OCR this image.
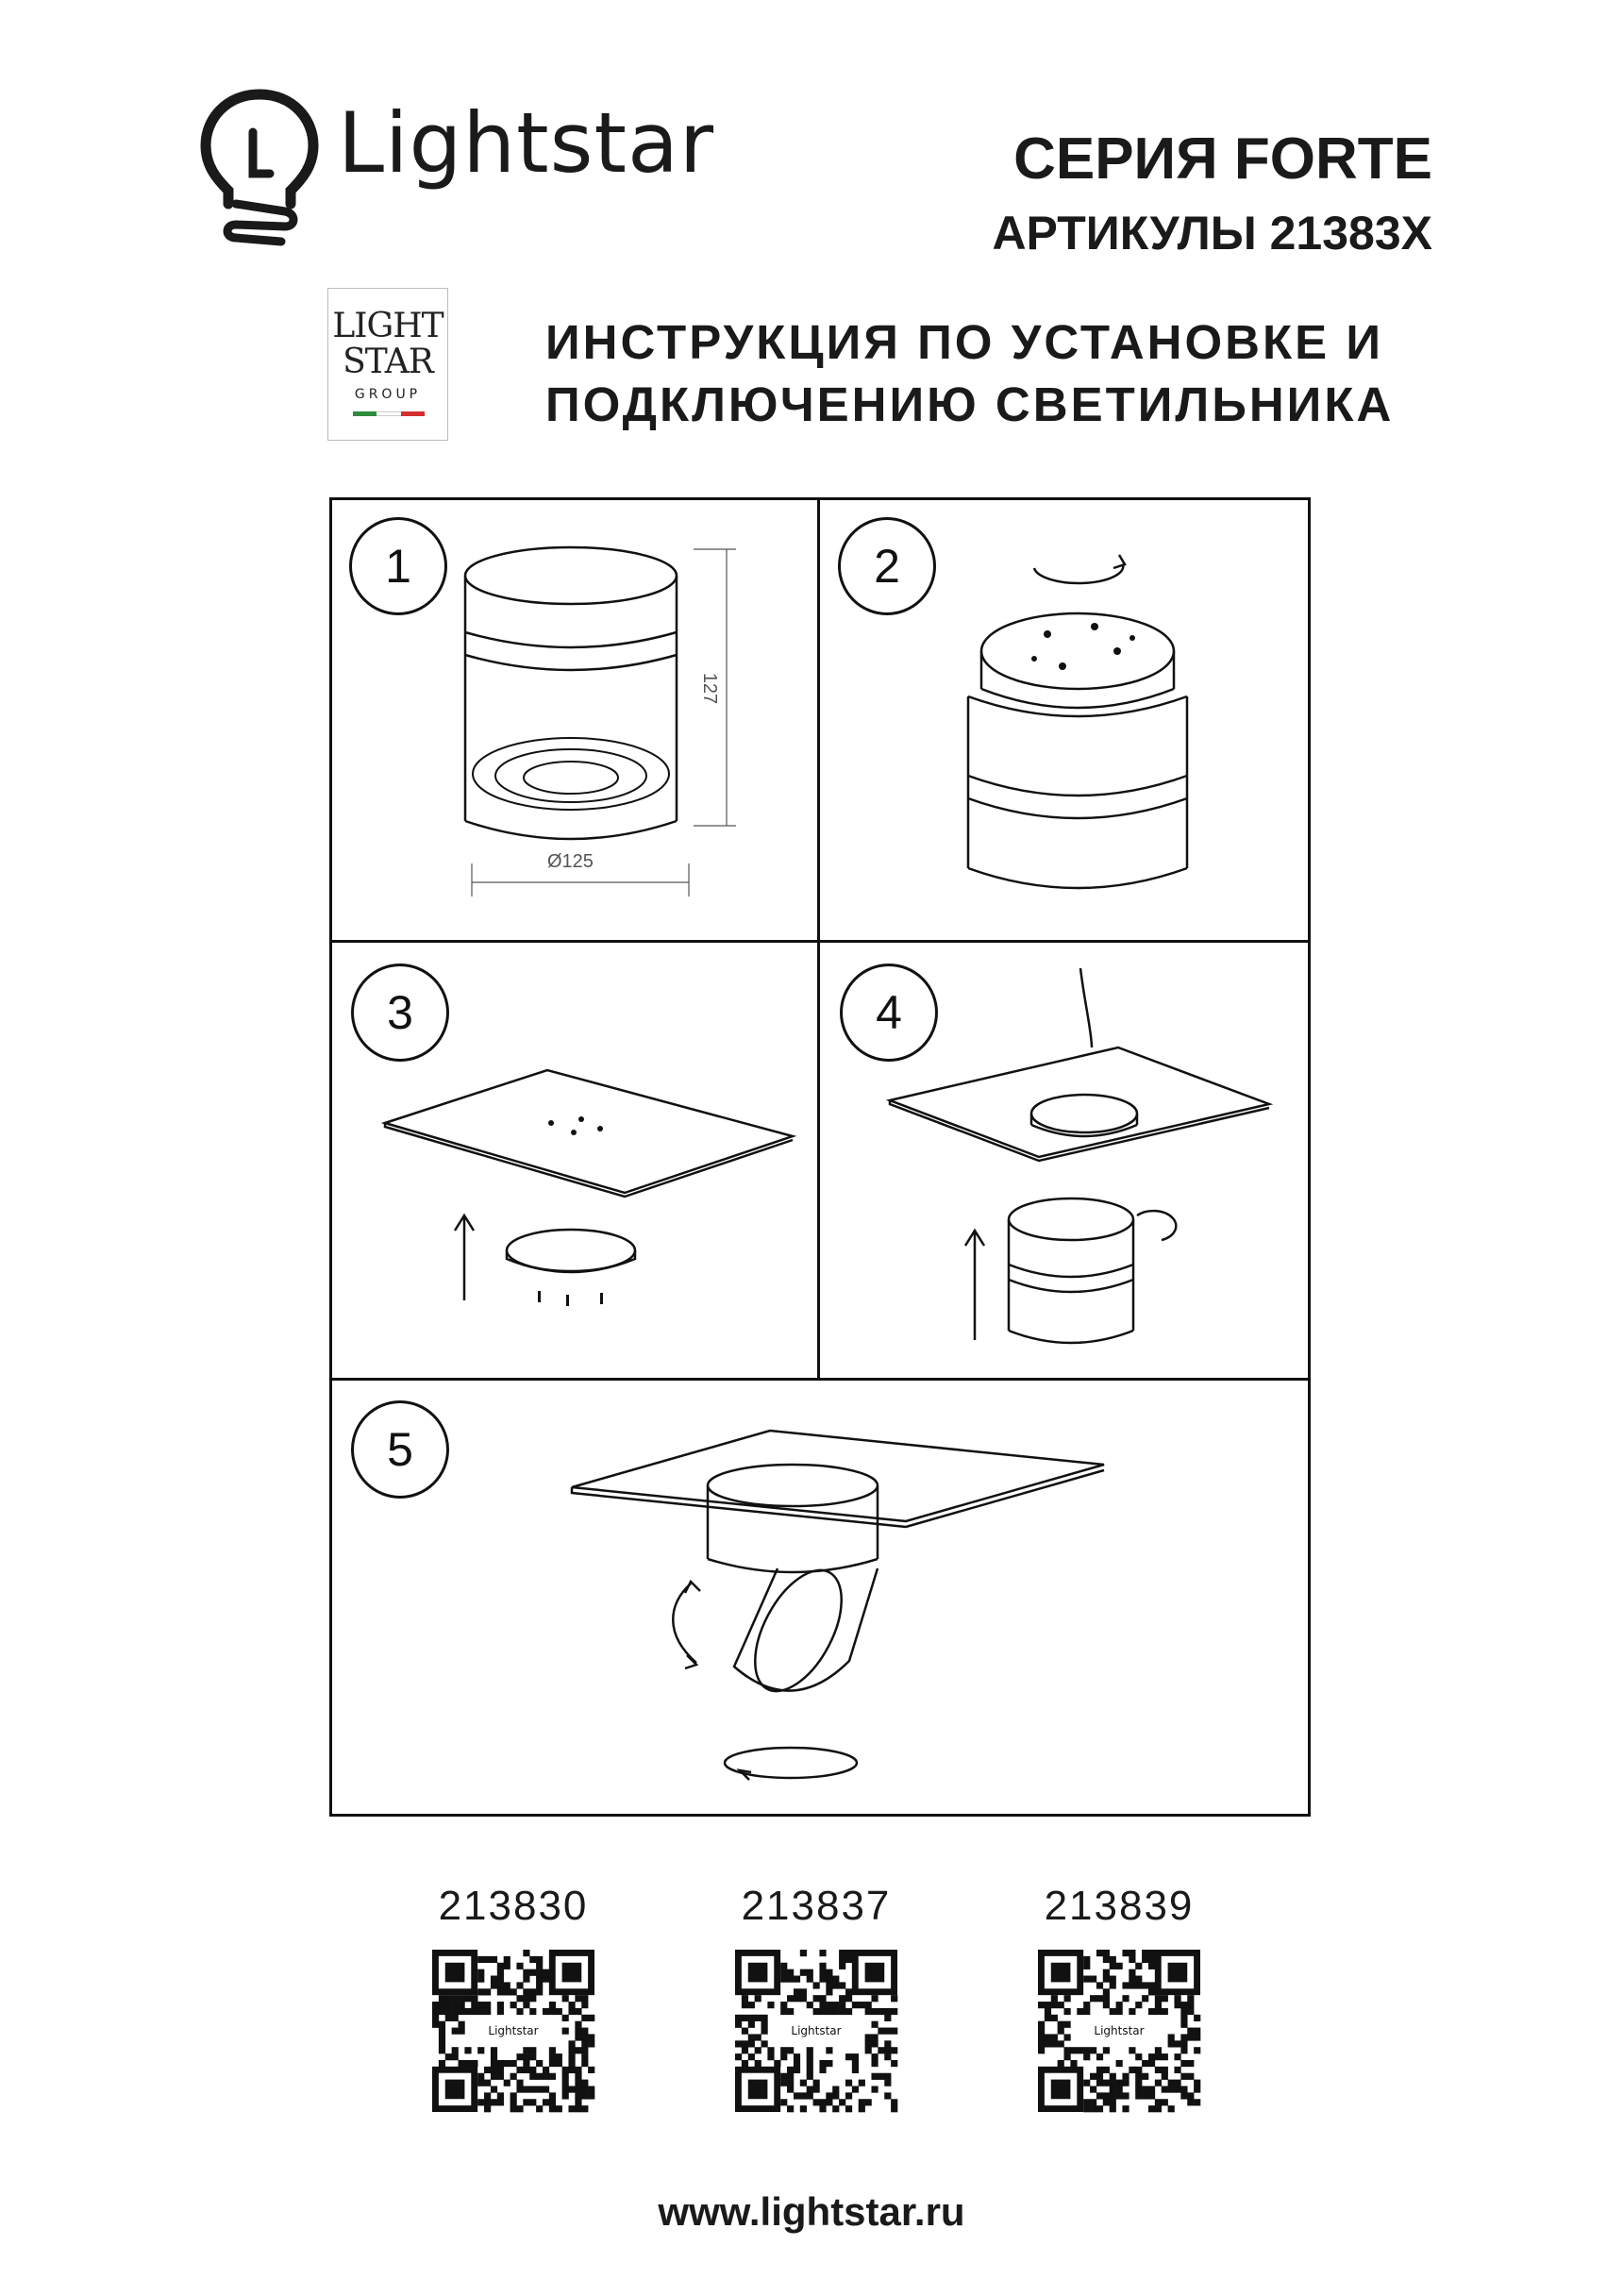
Lightstar	СЕРИЯ FORTE
АРТИКУЛЫ 21383X
LIGHT
STAR
GROUP
ИНСТРУКЦИЯ ПО УСТАНОВКЕ И
ПОДКЛЮЧЕНИЮ СВЕТИЛЬНИКА
1	2
3	4
5
127
Ø125
213830	213837	213839
Lightstar	Lightstar	Lightstar
www.lightstar.ru
